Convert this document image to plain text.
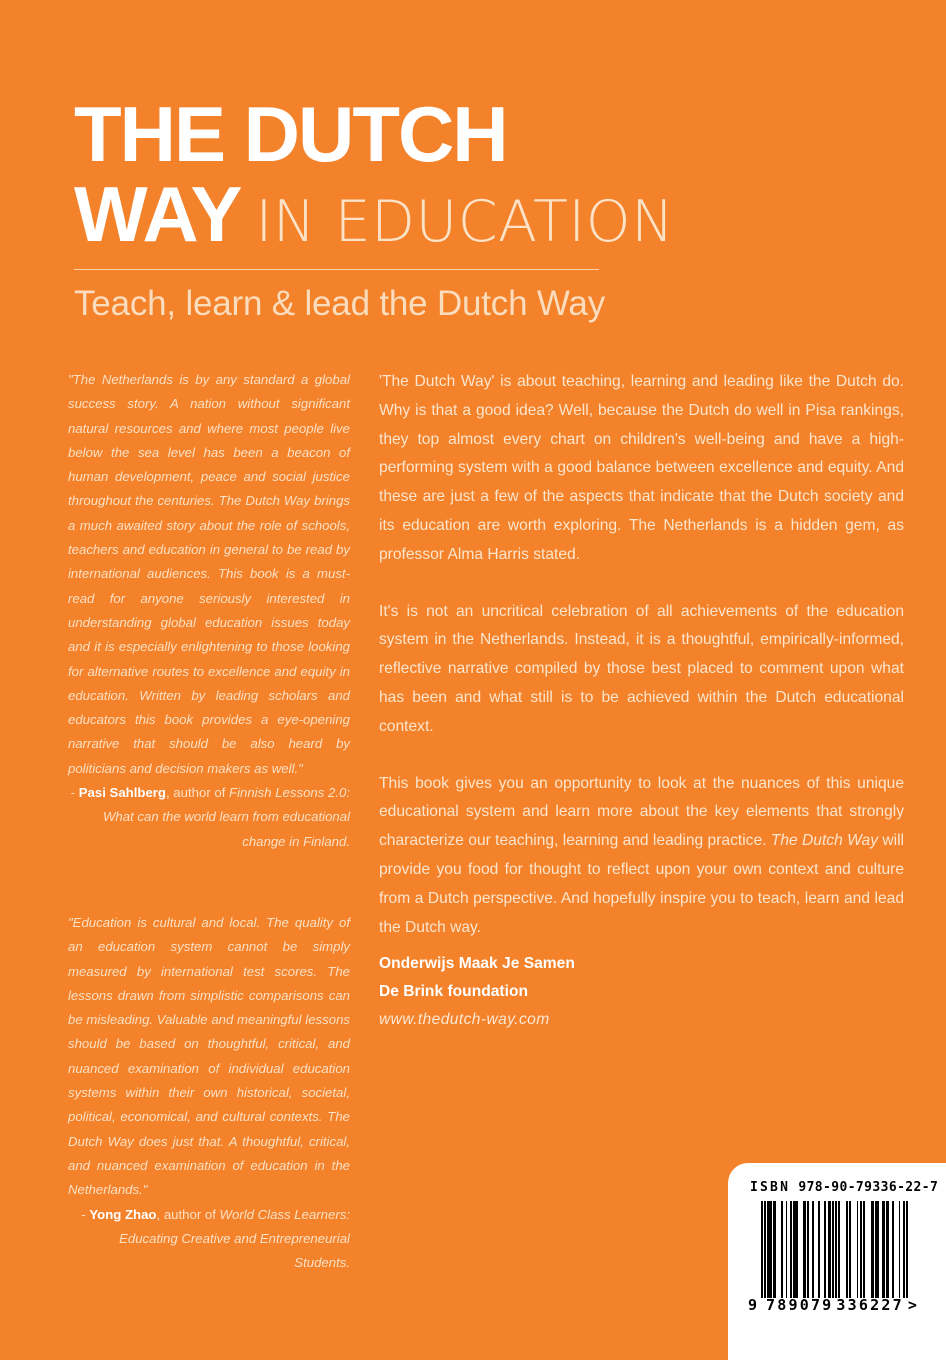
THE DUTCH
WAY IN EDUCATION
Teach, learn & lead the Dutch Way

"The Netherlands is by any standard a global success story. A nation without significant natural resources and where most people live below the sea level has been a beacon of human development, peace and social justice throughout the centuries. The Dutch Way brings a much awaited story about the role of schools, teachers and education in general to be read by international audiences. This book is a must-read for anyone seriously interested in understanding global education issues today and it is especially enlightening to those looking for alternative routes to excellence and equity in education. Written by leading scholars and educators this book provides a eye-opening narrative that should be also heard by politicians and decision makers as well."

- Pasi Sahlberg, author of Finnish Lessons 2.0: What can the world learn from educational change in Finland.

"Education is cultural and local. The quality of an education system cannot be simply measured by international test scores. The lessons drawn from simplistic comparisons can be misleading. Valuable and meaningful lessons should be based on thoughtful, critical, and nuanced examination of individual education systems within their own historical, societal, political, economical, and cultural contexts. The Dutch Way does just that. A thoughtful, critical, and nuanced examination of education in the Netherlands."

- Yong Zhao, author of World Class Learners: Educating Creative and Entrepreneurial Students.

'The Dutch Way' is about teaching, learning and leading like the Dutch do. Why is that a good idea? Well, because the Dutch do well in Pisa rankings, they top almost every chart on children's well-being and have a high-performing system with a good balance between excellence and equity. And these are just a few of the aspects that indicate that the Dutch society and its education are worth exploring. The Netherlands is a hidden gem, as professor Alma Harris stated.

It's is not an uncritical celebration of all achievements of the education system in the Netherlands. Instead, it is a thoughtful, empirically-informed, reflective narrative compiled by those best placed to comment upon what has been and what still is to be achieved within the Dutch educational context.

This book gives you an opportunity to look at the nuances of this unique educational system and learn more about the key elements that strongly characterize our teaching, learning and leading practice. The Dutch Way will provide you food for thought to reflect upon your own context and culture from a Dutch perspective. And hopefully inspire you to teach, learn and lead the Dutch way.

Onderwijs Maak Je Samen
De Brink foundation
www.thedutch-way.com
ISBN 978-90-79336-22-7
9 789079 336227 >
